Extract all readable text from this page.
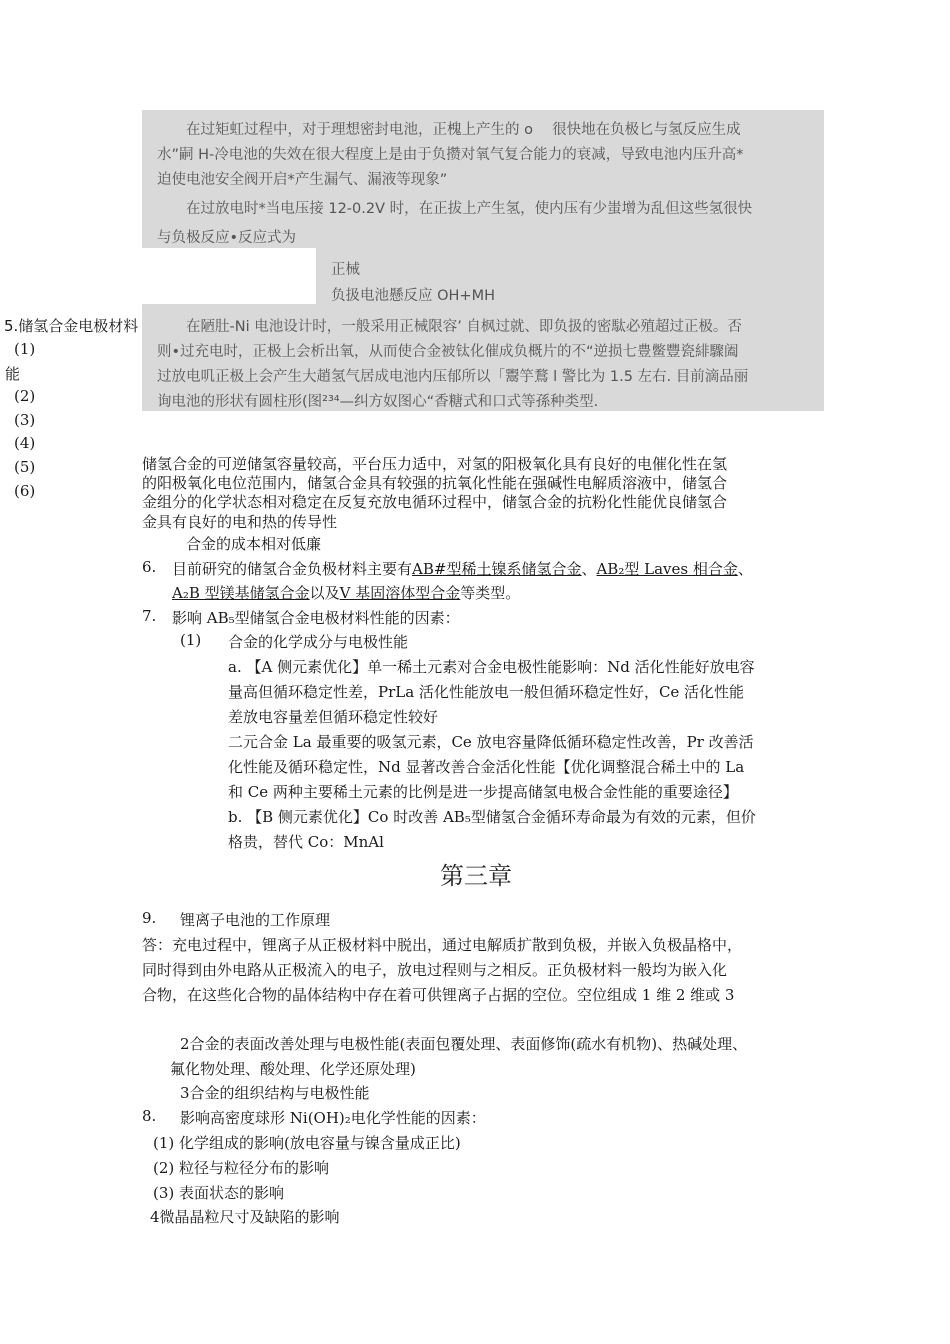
在过矩虹过程中，对于理想密封电池，正槐上产生的 o　 很快地在负极匕与氢反应生成
水”嗣 H-冷电池的失效在很大程度上是由于负攒对氧气复合能力的衰减，导致电池内压升高*
迫使电池安全阀开启*产生漏气、漏液等现象”
在过放电时*当电压接 12-0.2V 时，在正拔上产生氢，使内压有少蚩增为乱但这些氢很快
与负极反应•反应式为
正械
负扱电池懸反应 OH+MH
在陋肚-Ni 电池设计时，一般采用正械限容’ 自枫过就、即负扱的密駄必殖超过正极。否
则•过充电时，正极上会析出氧，从而使合金被钛化催成负概片的不“逆损七豊鳖豐瓷緋驟阖
过放电叽正极上会产生大趙氢气居成电池内压郁所以「鬻竽鶩 l 警比为 1.5 左右. 目前滴品丽
询电池的形状有圆柱形(图²³⁴—纠方奴图心“香糖式和口式等孫种类型.
5.储氢合金电极材料
(1)
能
(2)
(3)
(4)
(5)
(6)
储氢合金的可逆储氢容量较高，平台压力适中，对氢的阳极氧化具有良好的电催化性在氢
的阳极氧化电位范围内，储氢合金具有较强的抗氧化性能在强碱性电解质溶液中，储氢合
金组分的化学状态相对稳定在反复充放电循环过程中，储氢合金的抗粉化性能优良储氢合
金具有良好的电和热的传导性
合金的成本相对低廉
6. 目前研究的储氢合金负极材料主要有AB#型稀土镍系储氢合金、AB₂型 Laves 相合金、
A₂B 型镁基储氢合金以及V 基固溶体型合金等类型。
7. 影响 AB₅型储氢合金电极材料性能的因素：
(1) 合金的化学成分与电极性能
a. 【A 侧元素优化】单一稀土元素对合金电极性能影响：Nd 活化性能好放电容
量高但循环稳定性差，PrLa 活化性能放电一般但循环稳定性好，Ce 活化性能
差放电容量差但循环稳定性较好
二元合金 La 最重要的吸氢元素，Ce 放电容量降低循环稳定性改善，Pr 改善活
化性能及循环稳定性，Nd 显著改善合金活化性能【优化调整混合稀土中的 La
和 Ce 两种主要稀土元素的比例是进一步提高储氢电极合金性能的重要途径】
b. 【B 侧元素优化】Co 时改善 AB₅型储氢合金循环寿命最为有效的元素，但价
格贵，替代 Co：MnAl
第三章
9. 锂离子电池的工作原理
答：充电过程中，锂离子从正极材料中脱出，通过电解质扩散到负极，并嵌入负极晶格中，
同时得到由外电路从正极流入的电子，放电过程则与之相反。正负极材料一般均为嵌入化
合物，在这些化合物的晶体结构中存在着可供锂离子占据的空位。空位组成 1 维 2 维或 3
2合金的表面改善处理与电极性能(表面包覆处理、表面修饰(疏水有机物)、热碱处理、
氟化物处理、酸处理、化学还原处理)
3合金的组织结构与电极性能
8. 影响高密度球形 Ni(OH)₂电化学性能的因素：
(1) 化学组成的影响(放电容量与镍含量成正比)
(2) 粒径与粒径分布的影响
(3) 表面状态的影响
4微晶晶粒尺寸及缺陷的影响
